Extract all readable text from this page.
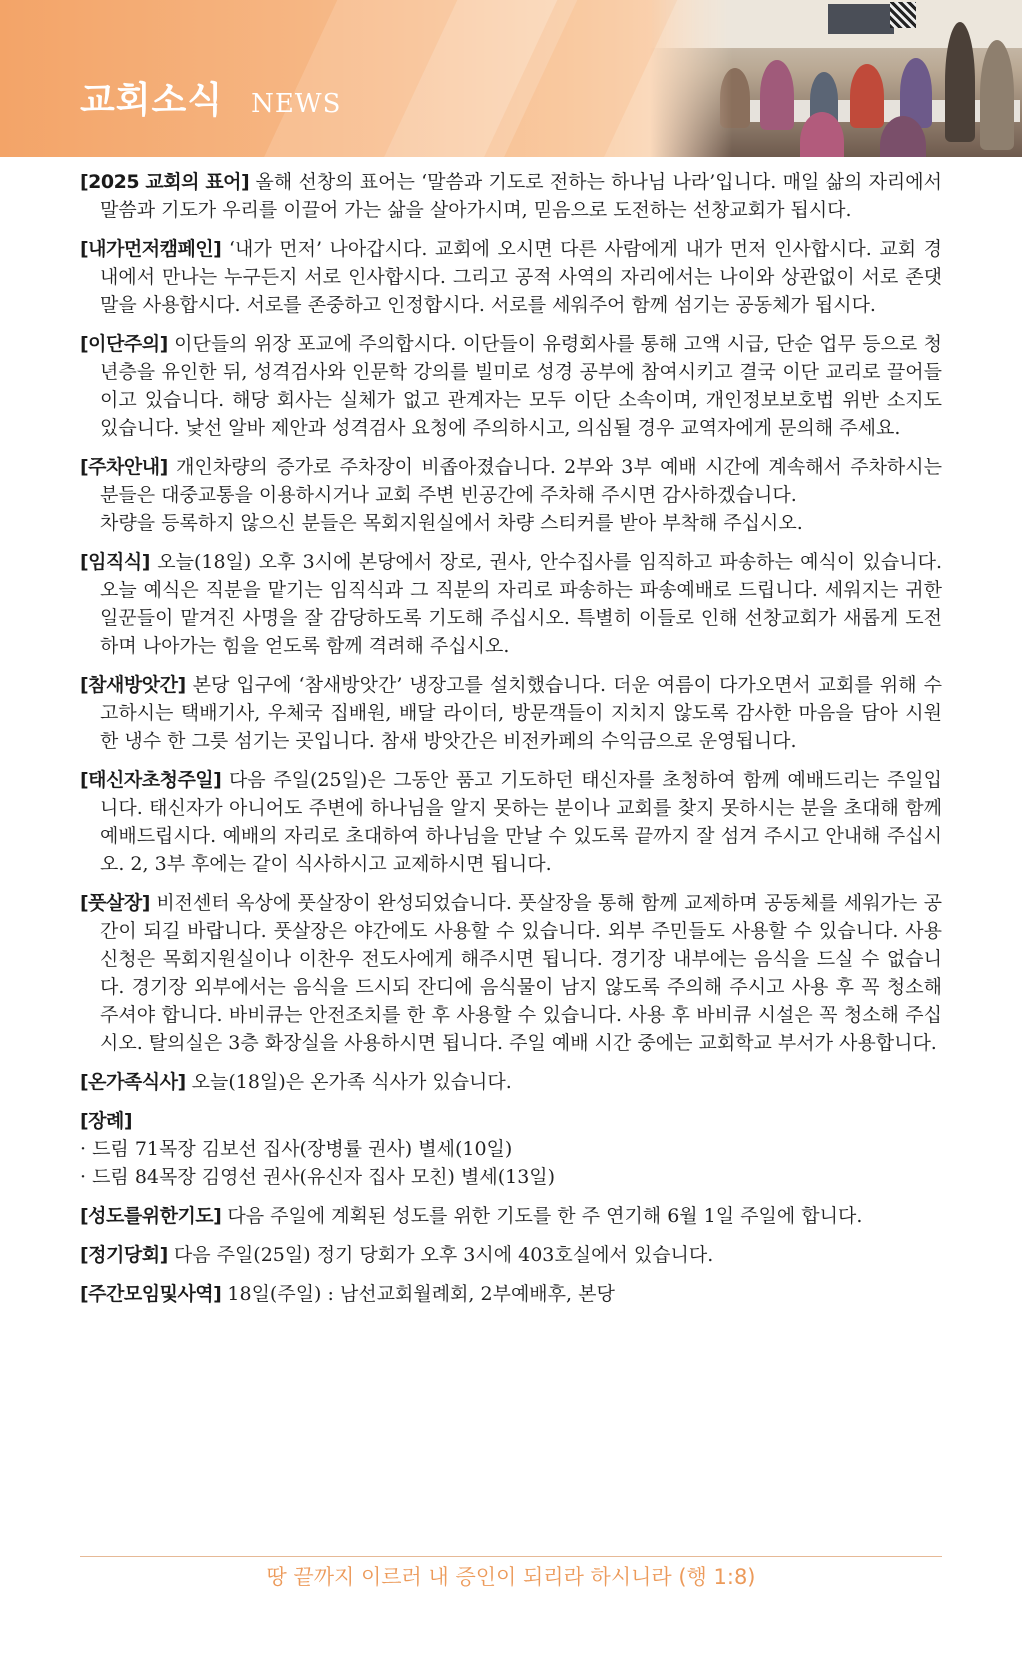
교회소식 NEWS
[2025 교회의 표어] 올해 선창의 표어는 ‘말씀과 기도로 전하는 하나님 나라’입니다. 매일 삶의 자리에서 말씀과 기도가 우리를 이끌어 가는 삶을 살아가시며, 믿음으로 도전하는 선창교회가 됩시다.
[내가먼저캠페인] ‘내가 먼저’ 나아갑시다. 교회에 오시면 다른 사람에게 내가 먼저 인사합시다. 교회 경내에서 만나는 누구든지 서로 인사합시다. 그리고 공적 사역의 자리에서는 나이와 상관없이 서로 존댓말을 사용합시다. 서로를 존중하고 인정합시다. 서로를 세워주어 함께 섬기는 공동체가 됩시다.
[이단주의] 이단들의 위장 포교에 주의합시다. 이단들이 유령회사를 통해 고액 시급, 단순 업무 등으로 청년층을 유인한 뒤, 성격검사와 인문학 강의를 빌미로 성경 공부에 참여시키고 결국 이단 교리로 끌어들이고 있습니다. 해당 회사는 실체가 없고 관계자는 모두 이단 소속이며, 개인정보보호법 위반 소지도 있습니다. 낯선 알바 제안과 성격검사 요청에 주의하시고, 의심될 경우 교역자에게 문의해 주세요.
[주차안내] 개인차량의 증가로 주차장이 비좁아졌습니다. 2부와 3부 예배 시간에 계속해서 주차하시는 분들은 대중교통을 이용하시거나 교회 주변 빈공간에 주차해 주시면 감사하겠습니다.
차량을 등록하지 않으신 분들은 목회지원실에서 차량 스티커를 받아 부착해 주십시오.
[임직식] 오늘(18일) 오후 3시에 본당에서 장로, 권사, 안수집사를 임직하고 파송하는 예식이 있습니다. 오늘 예식은 직분을 맡기는 임직식과 그 직분의 자리로 파송하는 파송예배로 드립니다. 세워지는 귀한 일꾼들이 맡겨진 사명을 잘 감당하도록 기도해 주십시오. 특별히 이들로 인해 선창교회가 새롭게 도전하며 나아가는 힘을 얻도록 함께 격려해 주십시오.
[참새방앗간] 본당 입구에 ‘참새방앗간’ 냉장고를 설치했습니다. 더운 여름이 다가오면서 교회를 위해 수고하시는 택배기사, 우체국 집배원, 배달 라이더, 방문객들이 지치지 않도록 감사한 마음을 담아 시원한 냉수 한 그릇 섬기는 곳입니다. 참새 방앗간은 비전카페의 수익금으로 운영됩니다.
[태신자초청주일] 다음 주일(25일)은 그동안 품고 기도하던 태신자를 초청하여 함께 예배드리는 주일입니다. 태신자가 아니어도 주변에 하나님을 알지 못하는 분이나 교회를 찾지 못하시는 분을 초대해 함께 예배드립시다. 예배의 자리로 초대하여 하나님을 만날 수 있도록 끝까지 잘 섬겨 주시고 안내해 주십시오. 2, 3부 후에는 같이 식사하시고 교제하시면 됩니다.
[풋살장] 비전센터 옥상에 풋살장이 완성되었습니다. 풋살장을 통해 함께 교제하며 공동체를 세워가는 공간이 되길 바랍니다. 풋살장은 야간에도 사용할 수 있습니다. 외부 주민들도 사용할 수 있습니다. 사용신청은 목회지원실이나 이찬우 전도사에게 해주시면 됩니다. 경기장 내부에는 음식을 드실 수 없습니다. 경기장 외부에서는 음식을 드시되 잔디에 음식물이 남지 않도록 주의해 주시고 사용 후 꼭 청소해 주셔야 합니다. 바비큐는 안전조치를 한 후 사용할 수 있습니다. 사용 후 바비큐 시설은 꼭 청소해 주십시오. 탈의실은 3층 화장실을 사용하시면 됩니다. 주일 예배 시간 중에는 교회학교 부서가 사용합니다.
[온가족식사] 오늘(18일)은 온가족 식사가 있습니다.
[장례]
· 드림 71목장 김보선 집사(장병률 권사) 별세(10일)
· 드림 84목장 김영선 권사(유신자 집사 모친) 별세(13일)
[성도를위한기도] 다음 주일에 계획된 성도를 위한 기도를 한 주 연기해 6월 1일 주일에 합니다.
[정기당회] 다음 주일(25일) 정기 당회가 오후 3시에 403호실에서 있습니다.
[주간모임및사역] 18일(주일) : 남선교회월례회, 2부예배후, 본당
땅 끝까지 이르러 내 증인이 되리라 하시니라 (행 1:8)
